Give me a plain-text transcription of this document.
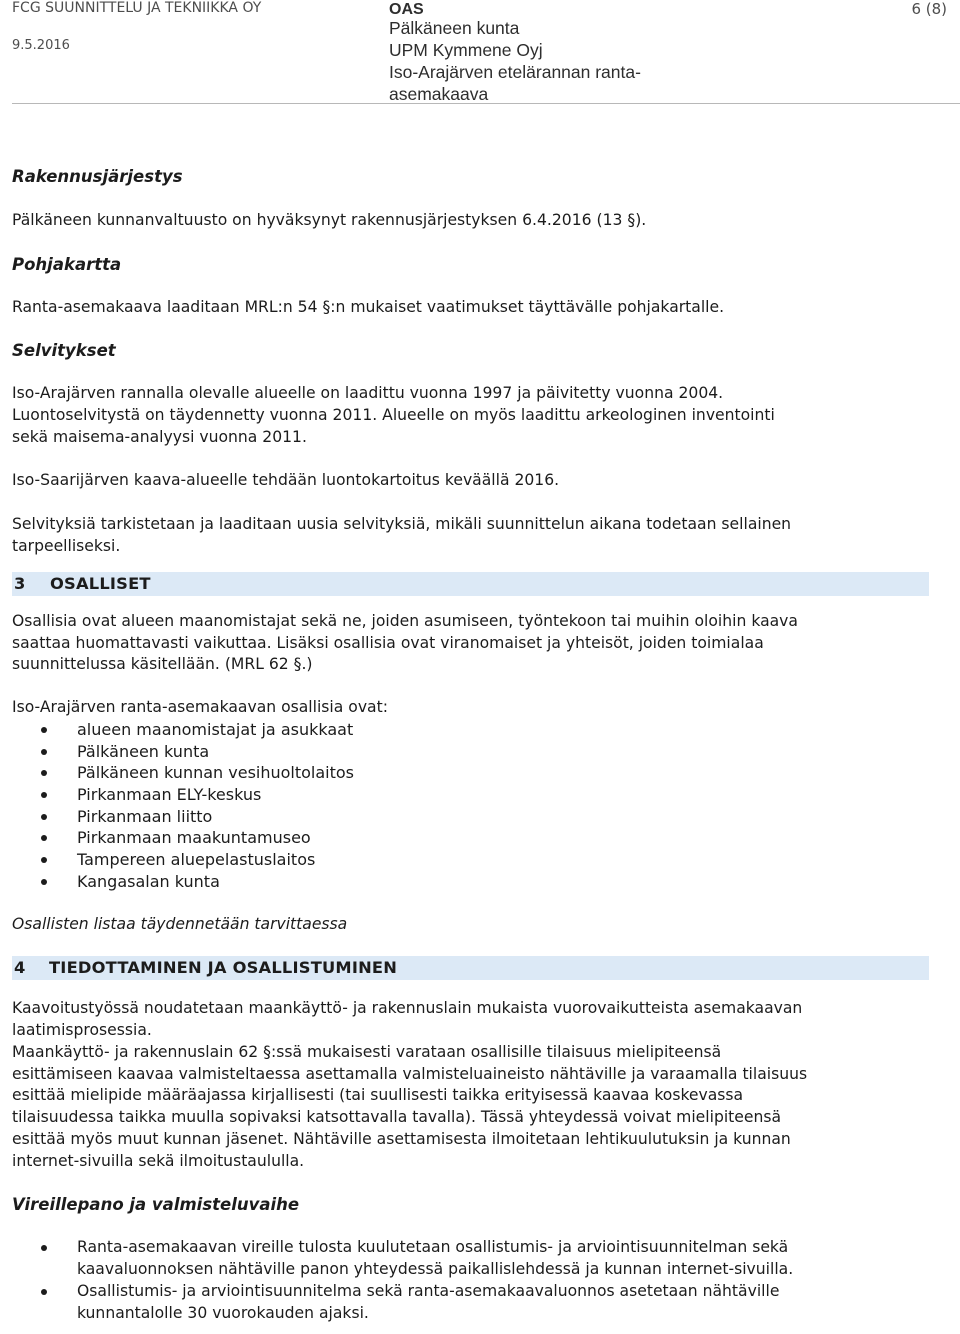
FCG SUUNNITTELU JA TEKNIIKKA OY
9.5.2016
OAS
Pälkäneen kunta
UPM Kymmene Oyj
Iso-Arajärven etelärannan ranta-
asemakaava
6 (8)

Rakennusjärjestys

Pälkäneen kunnanvaltuusto on hyväksynyt rakennusjärjestyksen 6.4.2016 (13 §).

Pohjakartta

Ranta-asemakaava laaditaan MRL:n 54 §:n mukaiset vaatimukset täyttävälle pohjakartalle.

Selvitykset

Iso-Arajärven rannalla olevalle alueelle on laadittu vuonna 1997 ja päivitetty vuonna 2004.

Luontoselvitystä on täydennetty vuonna 2011. Alueelle on myös laadittu arkeologinen inventointi

sekä maisema-analyysi vuonna 2011.

Iso-Saarijärven kaava-alueelle tehdään luontokartoitus keväällä 2016.

Selvityksiä tarkistetaan ja laaditaan uusia selvityksiä, mikäli suunnittelun aikana todetaan sellainen

tarpeelliseksi.

3 OSALLISET

Osallisia ovat alueen maanomistajat sekä ne, joiden asumiseen, työntekoon tai muihin oloihin kaava

saattaa huomattavasti vaikuttaa. Lisäksi osallisia ovat viranomaiset ja yhteisöt, joiden toimialaa

suunnittelussa käsitellään. (MRL 62 §.)

Iso-Arajärven ranta-asemakaavan osallisia ovat:

alueen maanomistajat ja asukkaat
Pälkäneen kunta
Pälkäneen kunnan vesihuoltolaitos
Pirkanmaan ELY-keskus
Pirkanmaan liitto
Pirkanmaan maakuntamuseo
Tampereen aluepelastuslaitos
Kangasalan kunta

Osallisten listaa täydennetään tarvittaessa

4 TIEDOTTAMINEN JA OSALLISTUMINEN

Kaavoitustyössä noudatetaan maankäyttö- ja rakennuslain mukaista vuorovaikutteista asemakaavan

laatimisprosessia.

Maankäyttö- ja rakennuslain 62 §:ssä mukaisesti varataan osallisille tilaisuus mielipiteensä

esittämiseen kaavaa valmisteltaessa asettamalla valmisteluaineisto nähtäville ja varaamalla tilaisuus

esittää mielipide määräajassa kirjallisesti (tai suullisesti taikka erityisessä kaavaa koskevassa

tilaisuudessa taikka muulla sopivaksi katsottavalla tavalla). Tässä yhteydessä voivat mielipiteensä

esittää myös muut kunnan jäsenet. Nähtäville asettamisesta ilmoitetaan lehtikuulutuksin ja kunnan

internet-sivuilla sekä ilmoitustaululla.

Vireillepano ja valmisteluvaihe

Ranta-asemakaavan vireille tulosta kuulutetaan osallistumis- ja arviointisuunnitelman sekä
kaavaluonnoksen nähtäville panon yhteydessä paikallislehdessä ja kunnan internet-sivuilla.
Osallistumis- ja arviointisuunnitelma sekä ranta-asemakaavaluonnos asetetaan nähtäville
kunnantalolle 30 vuorokauden ajaksi.
